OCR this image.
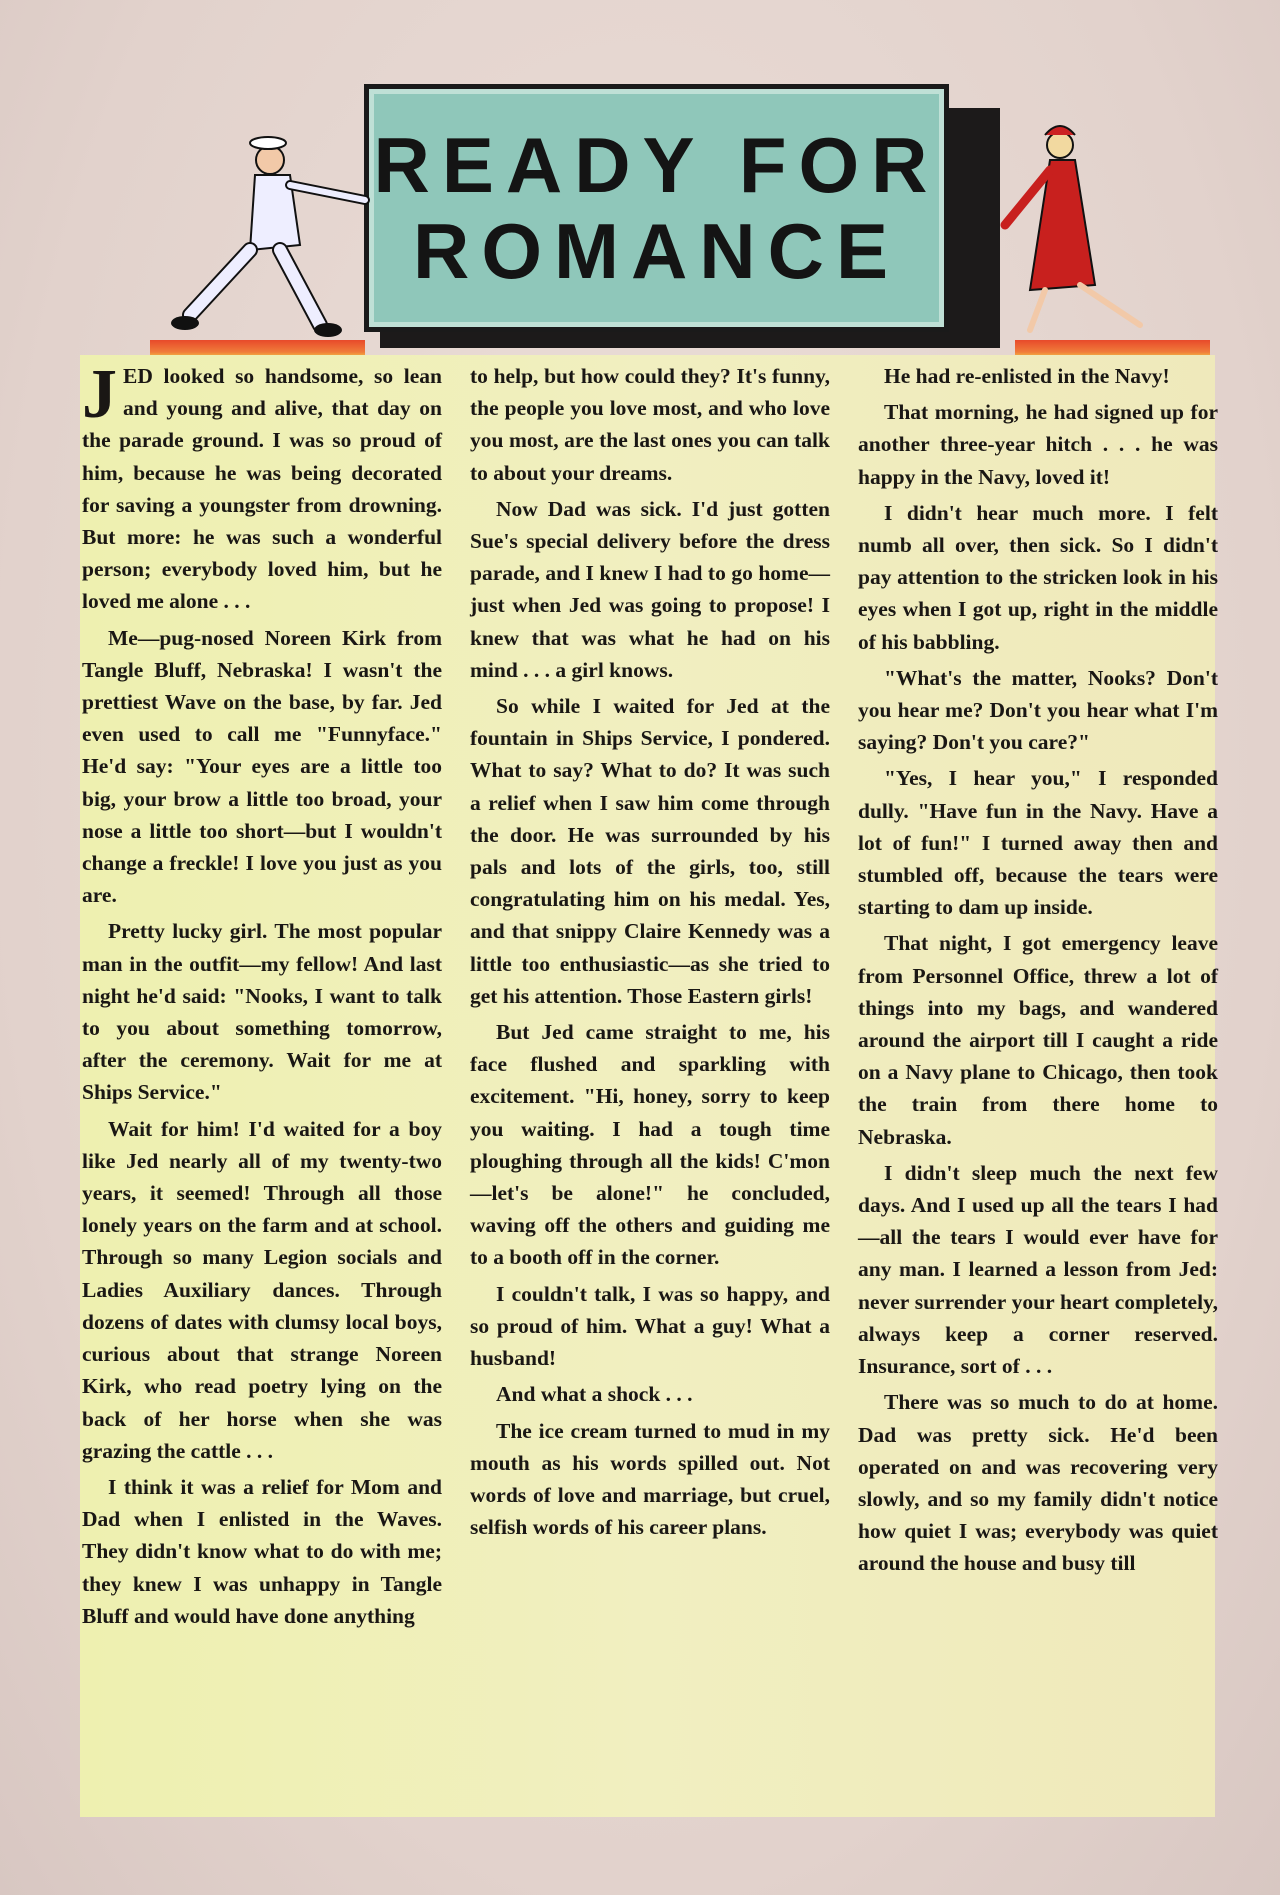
READY FOR
ROMANCE

JED looked so handsome, so lean and young and alive, that day on the parade ground. I was so proud of him, because he was being decorated for saving a youngster from drowning. But more: he was such a wonderful person; everybody loved him, but he loved me alone . . .

Me—pug-nosed Noreen Kirk from Tangle Bluff, Nebraska! I wasn't the prettiest Wave on the base, by far. Jed even used to call me "Funnyface." He'd say: "Your eyes are a little too big, your brow a little too broad, your nose a little too short—but I wouldn't change a freckle! I love you just as you are.

Pretty lucky girl. The most popular man in the outfit—my fellow! And last night he'd said: "Nooks, I want to talk to you about something tomorrow, after the ceremony. Wait for me at Ships Service."

Wait for him! I'd waited for a boy like Jed nearly all of my twenty-two years, it seemed! Through all those lonely years on the farm and at school. Through so many Legion socials and Ladies Auxiliary dances. Through dozens of dates with clumsy local boys, curious about that strange Noreen Kirk, who read poetry lying on the back of her horse when she was grazing the cattle . . .

I think it was a relief for Mom and Dad when I enlisted in the Waves. They didn't know what to do with me; they knew I was unhappy in Tangle Bluff and would have done anything

to help, but how could they? It's funny, the people you love most, and who love you most, are the last ones you can talk to about your dreams.

Now Dad was sick. I'd just gotten Sue's special delivery before the dress parade, and I knew I had to go home—just when Jed was going to propose! I knew that was what he had on his mind . . . a girl knows.

So while I waited for Jed at the fountain in Ships Service, I pondered. What to say? What to do? It was such a relief when I saw him come through the door. He was surrounded by his pals and lots of the girls, too, still congratulating him on his medal. Yes, and that snippy Claire Kennedy was a little too enthusiastic—as she tried to get his attention. Those Eastern girls!

But Jed came straight to me, his face flushed and sparkling with excitement. "Hi, honey, sorry to keep you waiting. I had a tough time ploughing through all the kids! C'mon—let's be alone!" he concluded, waving off the others and guiding me to a booth off in the corner.

I couldn't talk, I was so happy, and so proud of him. What a guy! What a husband!

And what a shock . . .

The ice cream turned to mud in my mouth as his words spilled out. Not words of love and marriage, but cruel, selfish words of his career plans.

He had re-enlisted in the Navy!

That morning, he had signed up for another three-year hitch . . . he was happy in the Navy, loved it!

I didn't hear much more. I felt numb all over, then sick. So I didn't pay attention to the stricken look in his eyes when I got up, right in the middle of his babbling.

"What's the matter, Nooks? Don't you hear me? Don't you hear what I'm saying? Don't you care?"

"Yes, I hear you," I responded dully. "Have fun in the Navy. Have a lot of fun!" I turned away then and stumbled off, because the tears were starting to dam up inside.

That night, I got emergency leave from Personnel Office, threw a lot of things into my bags, and wandered around the airport till I caught a ride on a Navy plane to Chicago, then took the train from there home to Nebraska.

I didn't sleep much the next few days. And I used up all the tears I had—all the tears I would ever have for any man. I learned a lesson from Jed: never surrender your heart completely, always keep a corner reserved. Insurance, sort of . . .

There was so much to do at home. Dad was pretty sick. He'd been operated on and was recovering very slowly, and so my family didn't notice how quiet I was; everybody was quiet around the house and busy till
